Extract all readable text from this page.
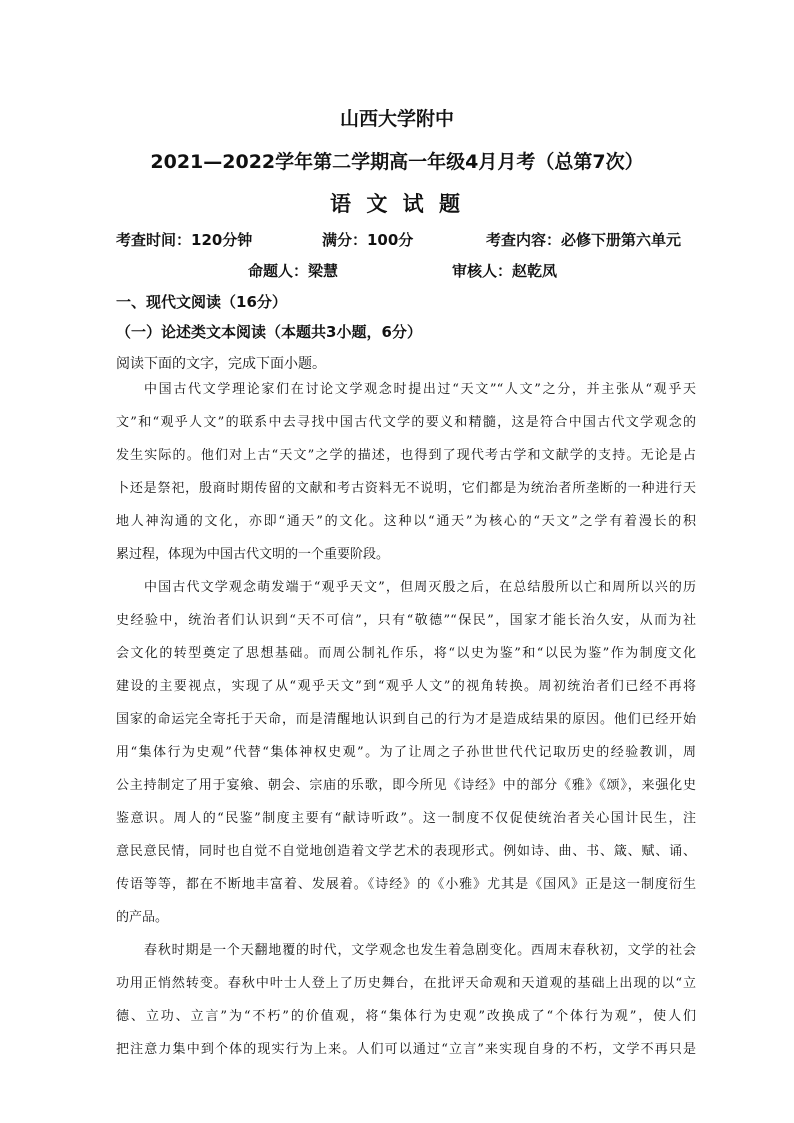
山西大学附中
2021—2022学年第二学期高一年级4月月考（总第7次）
语 文 试 题
考查时间：120分钟	满分：100分	考查内容：必修下册第六单元
命题人：梁慧	审核人：赵乾凤
一、现代文阅读（16分）
（一）论述类文本阅读（本题共3小题，6分）
阅读下面的文字，完成下面小题。
中国古代文学理论家们在讨论文学观念时提出过“天文”“人文”之分，并主张从“观乎天
文”和“观乎人文”的联系中去寻找中国古代文学的要义和精髓，这是符合中国古代文学观念的
发生实际的。他们对上古“天文”之学的描述，也得到了现代考古学和文献学的支持。无论是占
卜还是祭祀，殷商时期传留的文献和考古资料无不说明，它们都是为统治者所垄断的一种进行天
地人神沟通的文化，亦即“通天”的文化。这种以“通天”为核心的“天文”之学有着漫长的积
累过程，体现为中国古代文明的一个重要阶段。
中国古代文学观念萌发端于“观乎天文”，但周灭殷之后，在总结殷所以亡和周所以兴的历
史经验中，统治者们认识到“天不可信”，只有“敬德”“保民”，国家才能长治久安，从而为社
会文化的转型奠定了思想基础。而周公制礼作乐，将“以史为鉴”和“以民为鉴”作为制度文化
建设的主要视点，实现了从“观乎天文”到“观乎人文”的视角转换。周初统治者们已经不再将
国家的命运完全寄托于天命，而是清醒地认识到自己的行为才是造成结果的原因。他们已经开始
用“集体行为史观”代替“集体神权史观”。为了让周之子孙世世代代记取历史的经验教训，周
公主持制定了用于宴飨、朝会、宗庙的乐歌，即今所见《诗经》中的部分《雅》《颂》，来强化史
鉴意识。周人的“民鉴”制度主要有“献诗听政”。这一制度不仅促使统治者关心国计民生，注
意民意民情，同时也自觉不自觉地创造着文学艺术的表现形式。例如诗、曲、书、箴、赋、诵、
传语等等，都在不断地丰富着、发展着。《诗经》的《小雅》尤其是《国风》正是这一制度衍生
的产品。
春秋时期是一个天翻地覆的时代，文学观念也发生着急剧变化。西周末春秋初，文学的社会
功用正悄然转变。春秋中叶士人登上了历史舞台，在批评天命观和天道观的基础上出现的以“立
德、立功、立言”为“不朽”的价值观，将“集体行为史观”改换成了“个体行为观”，使人们
把注意力集中到个体的现实行为上来。人们可以通过“立言”来实现自身的不朽，文学不再只是
